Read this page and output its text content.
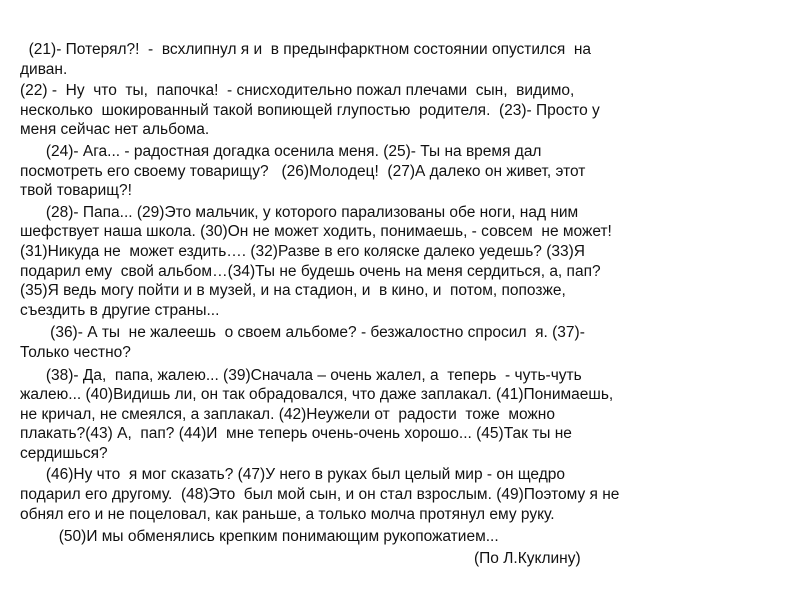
(21)- Потерял?!  -  всхлипнул я и  в предынфарктном состоянии опустился  на
диван.

(22) -  Ну  что  ты,  папочка!  - снисходительно пожал плечами  сын,  видимо,
несколько  шокированный такой вопиющей глупостью  родителя.  (23)- Просто у
меня сейчас нет альбома.

(24)- Ага... - радостная догадка осенила меня. (25)- Ты на время дал
посмотреть его своему товарищу?   (26)Молодец!  (27)А далеко он живет, этот
твой товарищ?!

(28)- Папа... (29)Это мальчик, у которого парализованы обе ноги, над ним
шефствует наша школа. (30)Он не может ходить, понимаешь, - совсем  не может!
(31)Никуда не  может ездить…. (32)Разве в его коляске далеко уедешь? (33)Я
подарил ему  свой альбом…(34)Ты не будешь очень на меня сердиться, а, пап?
(35)Я ведь могу пойти и в музей, и на стадион, и  в кино, и  потом, попозже,
съездить в другие страны...

(36)- А ты  не жалеешь  о своем альбоме? - безжалостно спросил  я. (37)-
Только честно?

(38)- Да,  папа, жалею... (39)Сначала – очень жалел, а  теперь  - чуть-чуть
жалею... (40)Видишь ли, он так обрадовался, что даже заплакал. (41)Понимаешь,
не кричал, не смеялся, а заплакал. (42)Неужели от  радости  тоже  можно
плакать?(43) А,  пап? (44)И  мне теперь очень-очень хорошо... (45)Так ты не
сердишься?

(46)Ну что  я мог сказать? (47)У него в руках был целый мир - он щедро
подарил его другому.  (48)Это  был мой сын, и он стал взрослым. (49)Поэтому я не
обнял его и не поцеловал, как раньше, а только молча протянул ему руку.

(50)И мы обменялись крепким понимающим рукопожатием...

(По Л.Куклину)
